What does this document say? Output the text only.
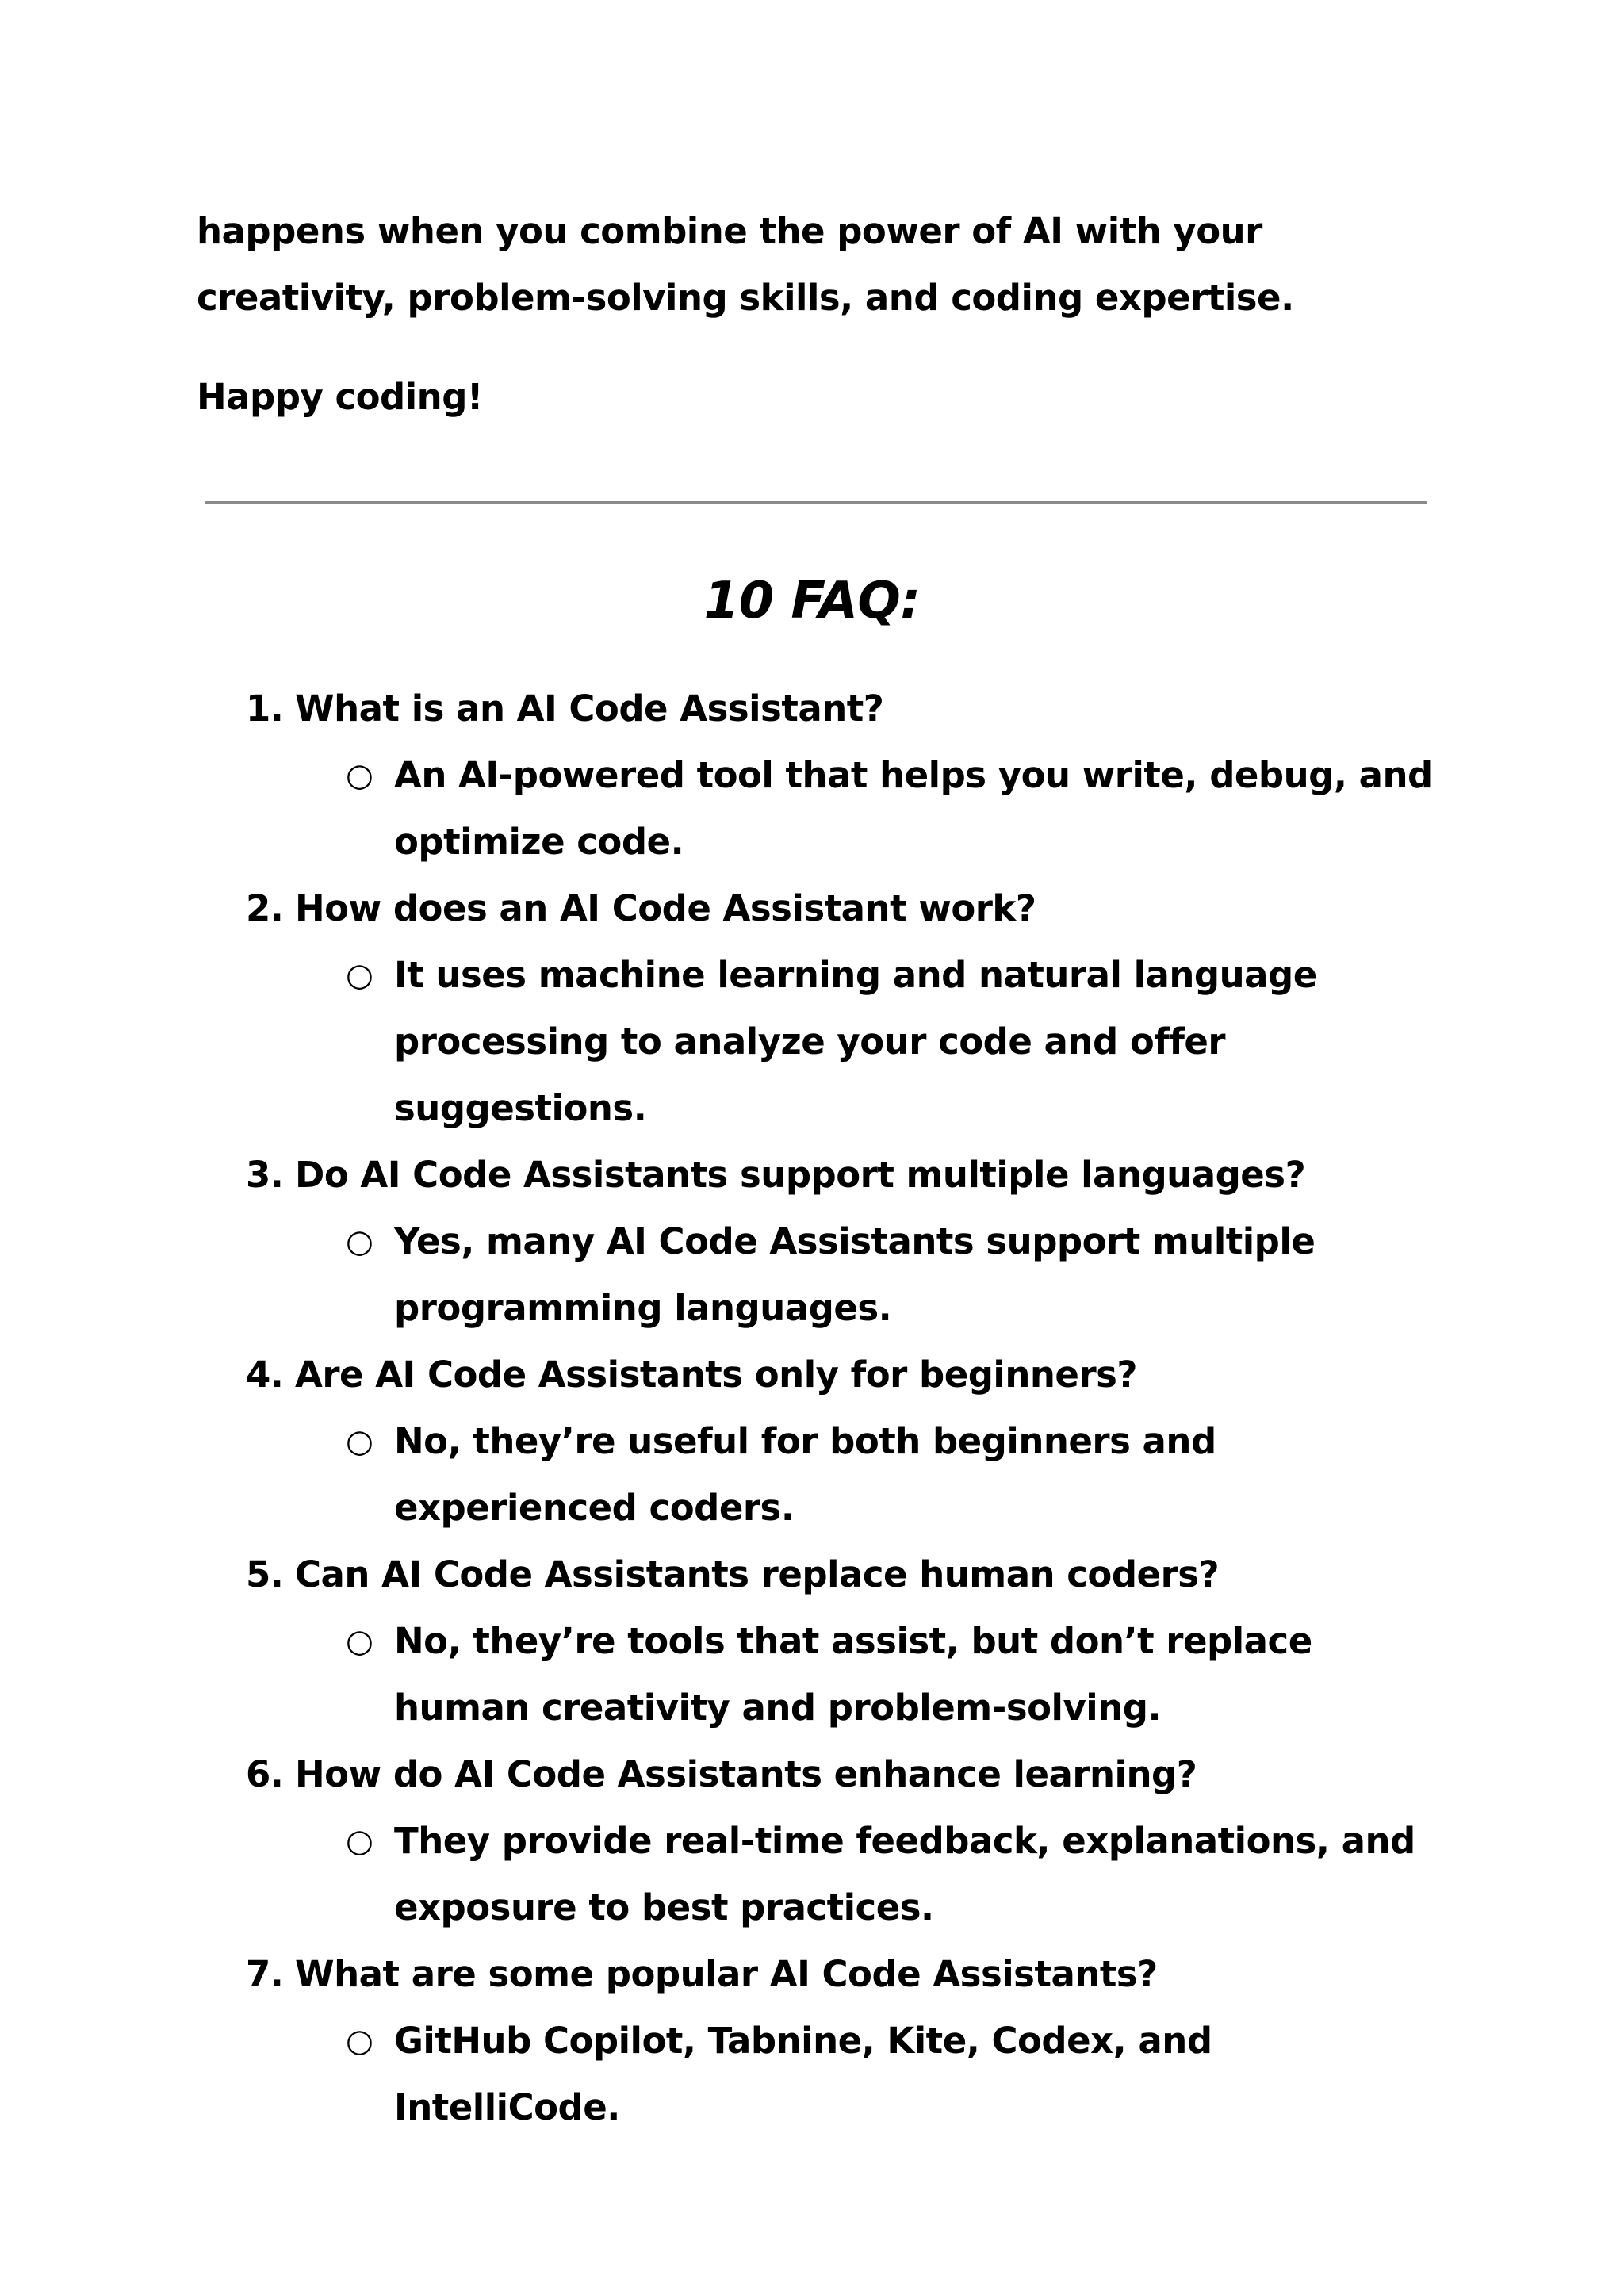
happens when you combine the power of AI with your creativity, problem-solving skills, and coding expertise.

Happy coding!

10 FAQ:
1. What is an AI Code Assistant?
○ An AI-powered tool that helps you write, debug, and optimize code.
2. How does an AI Code Assistant work?
○ It uses machine learning and natural language processing to analyze your code and offer suggestions.
3. Do AI Code Assistants support multiple languages?
○ Yes, many AI Code Assistants support multiple programming languages.
4. Are AI Code Assistants only for beginners?
○ No, they’re useful for both beginners and experienced coders.
5. Can AI Code Assistants replace human coders?
○ No, they’re tools that assist, but don’t replace human creativity and problem-solving.
6. How do AI Code Assistants enhance learning?
○ They provide real-time feedback, explanations, and exposure to best practices.
7. What are some popular AI Code Assistants?
○ GitHub Copilot, Tabnine, Kite, Codex, and IntelliCode.
